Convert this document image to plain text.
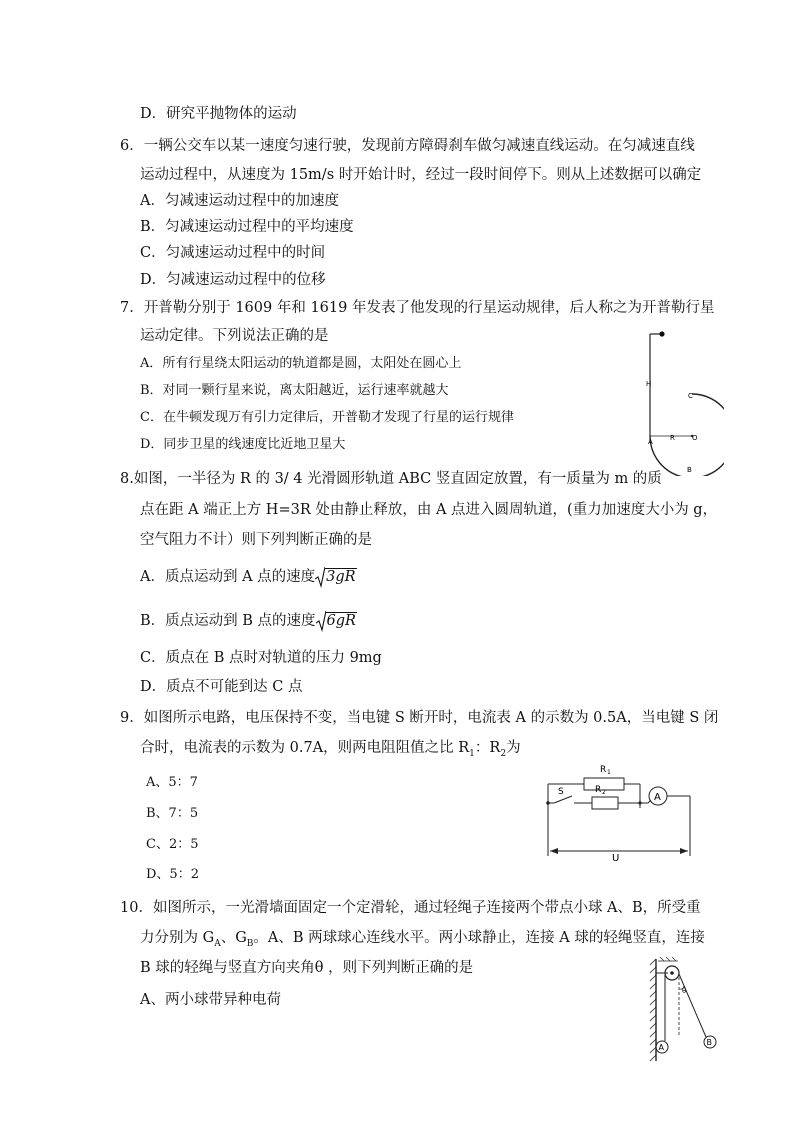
D．研究平抛物体的运动
6．一辆公交车以某一速度匀速行驶，发现前方障碍刹车做匀减速直线运动。在匀减速直线
运动过程中，从速度为 15m/s 时开始计时，经过一段时间停下。则从上述数据可以确定
A．匀减速运动过程中的加速度
B．匀减速运动过程中的平均速度
C．匀减速运动过程中的时间
D．匀减速运动过程中的位移
7．开普勒分别于 1609 年和 1619 年发表了他发现的行星运动规律，后人称之为开普勒行星
运动定律。下列说法正确的是
A．所有行星绕太阳运动的轨道都是圆，太阳处在圆心上
B．对同一颗行星来说，离太阳越近，运行速率就越大
C．在牛顿发现万有引力定律后，开普勒才发现了行星的运行规律
D．同步卫星的线速度比近地卫星大
H
C
A R O
B
8.如图，一半径为 R 的 3/ 4 光滑圆形轨道 ABC 竖直固定放置，有一质量为 m 的质
点在距 A 端正上方 H=3R 处由静止释放，由 A 点进入圆周轨道，(重力加速度大小为 g，
空气阻力不计）则下列判断正确的是
A．质点运动到 A 点的速度 3gR
B．质点运动到 B 点的速度 6gR
C．质点在 B 点时对轨道的压力 9mg
D．质点不可能到达 C 点
9．如图所示电路，电压保持不变，当电键 S 断开时，电流表 A 的示数为 0.5A，当电键 S 闭
合时，电流表的示数为 0.7A，则两电阻阻值之比 $R_1$：$R_2$为
A、5：7
B、7：5
C、2：5
D、5：2
R 1
S	R 2	A
U
10．如图所示，一光滑墙面固定一个定滑轮，通过轻绳子连接两个带点小球 A、B，所受重
力分别为 $G_A$、$G_B$。A、B 两球球心连线水平。两小球静止，连接 A 球的轻绳竖直，连接
B 球的轻绳与竖直方向夹角θ ，则下列判断正确的是
A、两小球带异种电荷
θ
A
B
